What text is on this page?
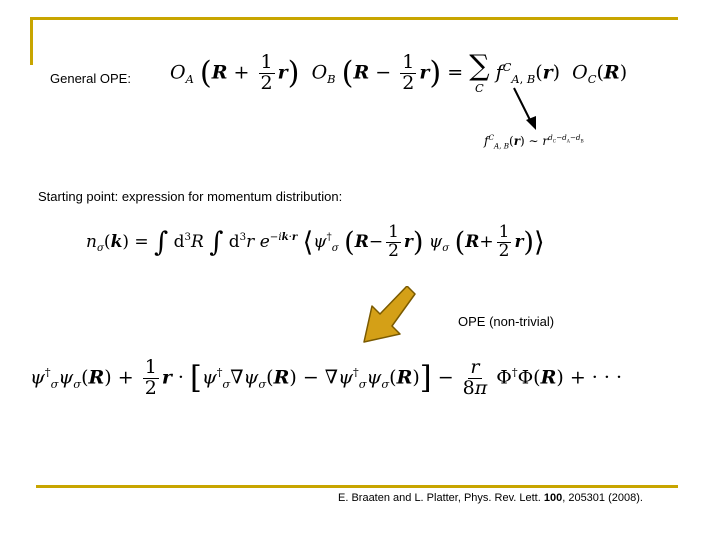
General OPE: $O_A$ $(R + \frac{1}{2} r)$ $O_B$ $(R - \frac{1}{2} r)$ = ∑
C
$f^C_{A, B}(r)$  $O_C(R)$
$f^C_{A, B}(r)$ ∼ $r^{d_C-d_A-d_B}$
Starting point: expression for momentum distribution:
$n_\sigma(k)$ = ∫ $d^3R$ ∫ $d^3r$ $e^{-ik\cdot r}$ $⟨\psi^\dagger_\sigma$ $(R- \frac{1}{2} r)$ $\psi_\sigma$ ($R+ \frac{1}{2}$ r)⟩
OPE (non-trivial)
$\psi^\dagger_\sigma\psi_\sigma(R) + \frac{1}{2}$ $r \cdot [\psi^\dagger_\sigma\nabla\psi_\sigma(R) - \nabla\psi^\dagger_\sigma\psi_\sigma(R)] - \frac{r}{8\pi} \Phi^\dagger\Phi(R)$ + · · ·
E. Braaten and L. Platter, Phys. Rev. Lett. 100, 205301 (2008).
